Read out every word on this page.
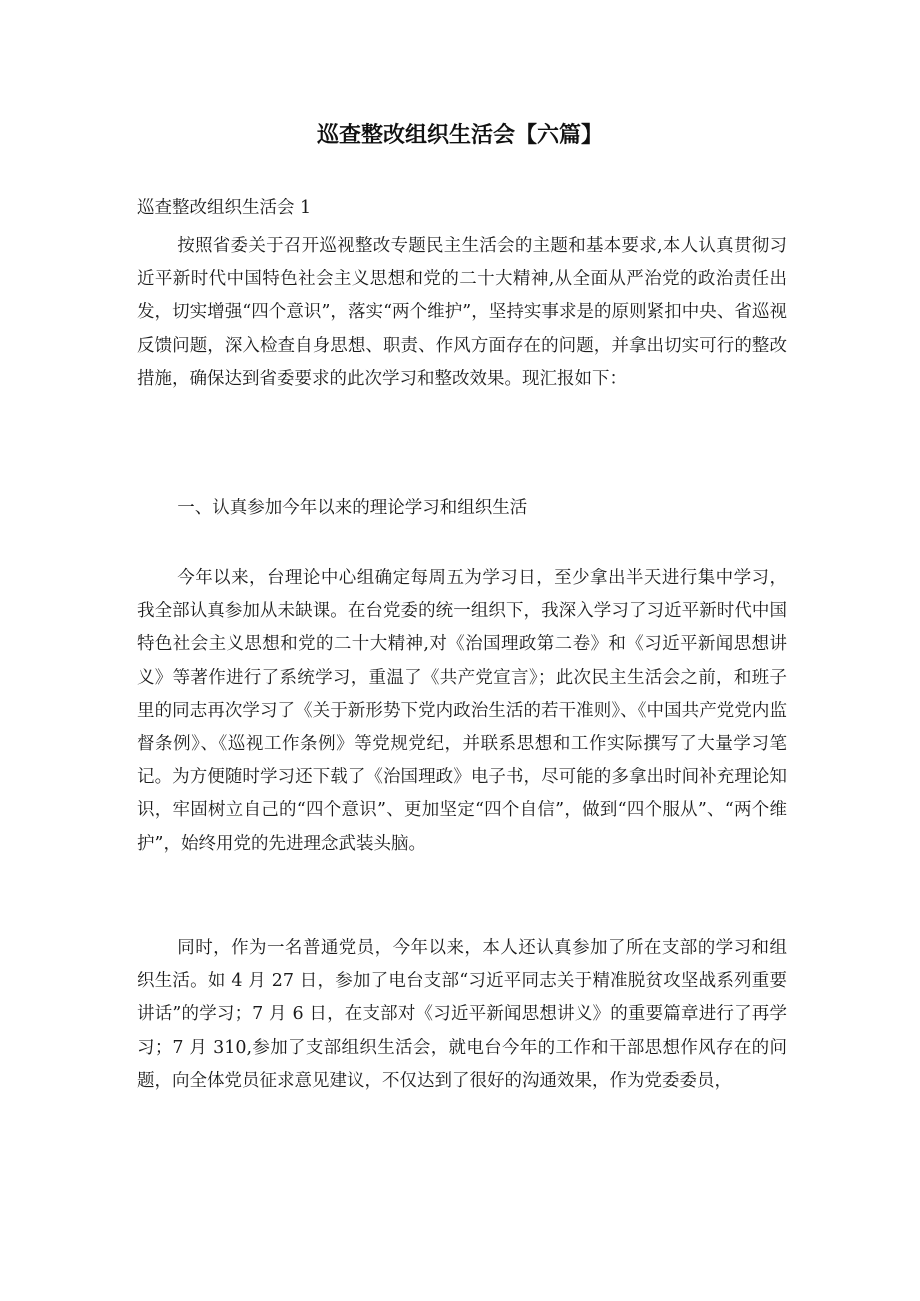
巡查整改组织生活会【六篇】

巡查整改组织生活会 1

按照省委关于召开巡视整改专题民主生活会的主题和基本要求,本人认真贯彻习近平新时代中国特色社会主义思想和党的二十大精神,从全面从严治党的政治责任出发，切实增强“四个意识”，落实“两个维护”，坚持实事求是的原则紧扣中央、省巡视反馈问题，深入检查自身思想、职责、作风方面存在的问题，并拿出切实可行的整改措施，确保达到省委要求的此次学习和整改效果。现汇报如下：

一、认真参加今年以来的理论学习和组织生活

今年以来，台理论中心组确定每周五为学习日，至少拿出半天进行集中学习，我全部认真参加从未缺课。在台党委的统一组织下，我深入学习了习近平新时代中国特色社会主义思想和党的二十大精神,对《治国理政第二卷》和《习近平新闻思想讲义》等著作进行了系统学习，重温了《共产党宣言》；此次民主生活会之前，和班子里的同志再次学习了《关于新形势下党内政治生活的若干准则》、《中国共产党党内监督条例》、《巡视工作条例》等党规党纪，并联系思想和工作实际撰写了大量学习笔记。为方便随时学习还下载了《治国理政》电子书，尽可能的多拿出时间补充理论知识，牢固树立自己的“四个意识”、更加坚定“四个自信”，做到“四个服从”、“两个维护”，始终用党的先进理念武装头脑。

同时，作为一名普通党员，今年以来，本人还认真参加了所在支部的学习和组织生活。如 4 月 27 日，参加了电台支部“习近平同志关于精准脱贫攻坚战系列重要讲话”的学习；7 月 6 日，在支部对《习近平新闻思想讲义》的重要篇章进行了再学习；7 月 310,参加了支部组织生活会，就电台今年的工作和干部思想作风存在的问题，向全体党员征求意见建议，不仅达到了很好的沟通效果，作为党委委员，
